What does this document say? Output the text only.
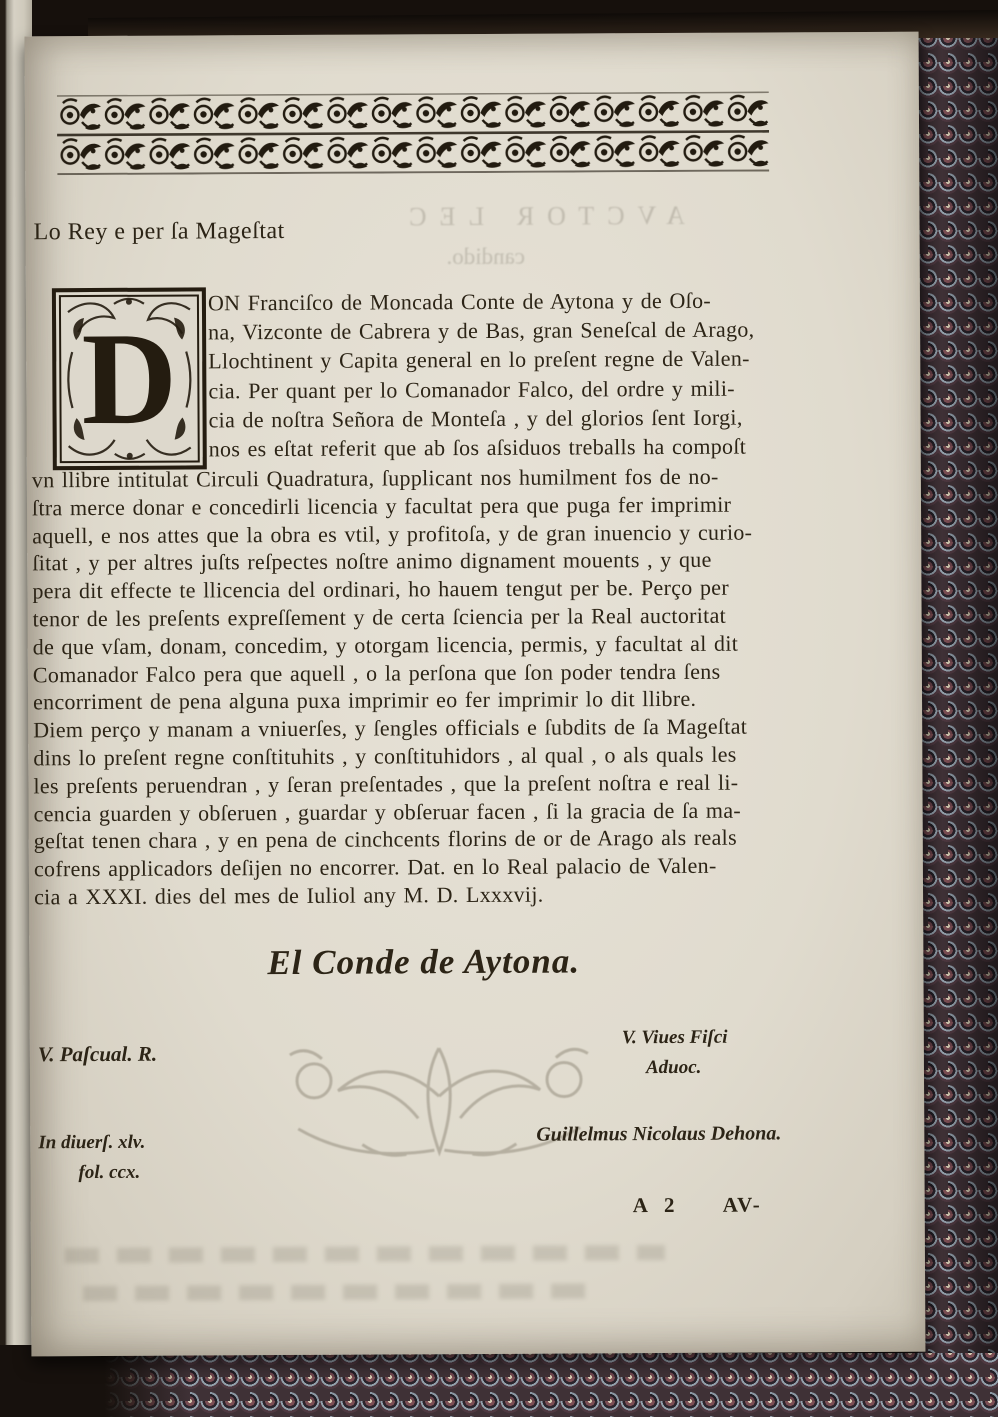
AVCTOR LEC
candido.
Lo Rey e per ſa Mageſtat
D
ON Franciſco de Moncada Conte de Aytona y de Oſo-
na, Vizconte de Cabrera y de Bas, gran Seneſcal de Arago,
Llochtinent y Capita general en lo preſent regne de Valen-
cia. Per quant per lo Comanador Falco, del ordre y mili-
cia de noſtra Señora de Monteſa , y del glorios ſent Iorgi,
nos es eſtat referit que ab ſos aſsiduos treballs ha compoſt
vn llibre intitulat Circuli Quadratura, ſupplicant nos humilment fos de no-
ſtra merce donar e concedirli licencia y facultat pera que puga fer imprimir
aquell, e nos attes que la obra es vtil, y profitoſa, y de gran inuencio y curio-
ſitat , y per altres juſts reſpectes noſtre animo dignament mouents , y que
pera dit effecte te llicencia del ordinari, ho hauem tengut per be. Perço per
tenor de les preſents expreſſement y de certa ſciencia per la Real auctoritat
de que vſam, donam, concedim, y otorgam licencia, permis, y facultat al dit
Comanador Falco pera que aquell , o la perſona que ſon poder tendra ſens
encorriment de pena alguna puxa imprimir eo fer imprimir lo dit llibre.
Diem perço y manam a vniuerſes, y ſengles officials e ſubdits de ſa Mageſtat
dins lo preſent regne conſtituhits , y conſtituhidors , al qual , o als quals les
les preſents peruendran , y ſeran preſentades , que la preſent noſtra e real li-
cencia guarden y obſeruen , guardar y obſeruar facen , ſi la gracia de ſa ma-
geſtat tenen chara , y en pena de cinchcents florins de or de Arago als reals
cofrens applicadors deſijen no encorrer. Dat. en lo Real palacio de Valen-
cia a XXXI. dies del mes de Iuliol any M. D. Lxxxvij.
El Conde de Aytona.
V. Paſcual. R.
V. Viues Fiſci
Aduoc.
Guillelmus Nicolaus Dehona.
In diuerſ. xlv.
fol. ccx.
A 2 AV-
